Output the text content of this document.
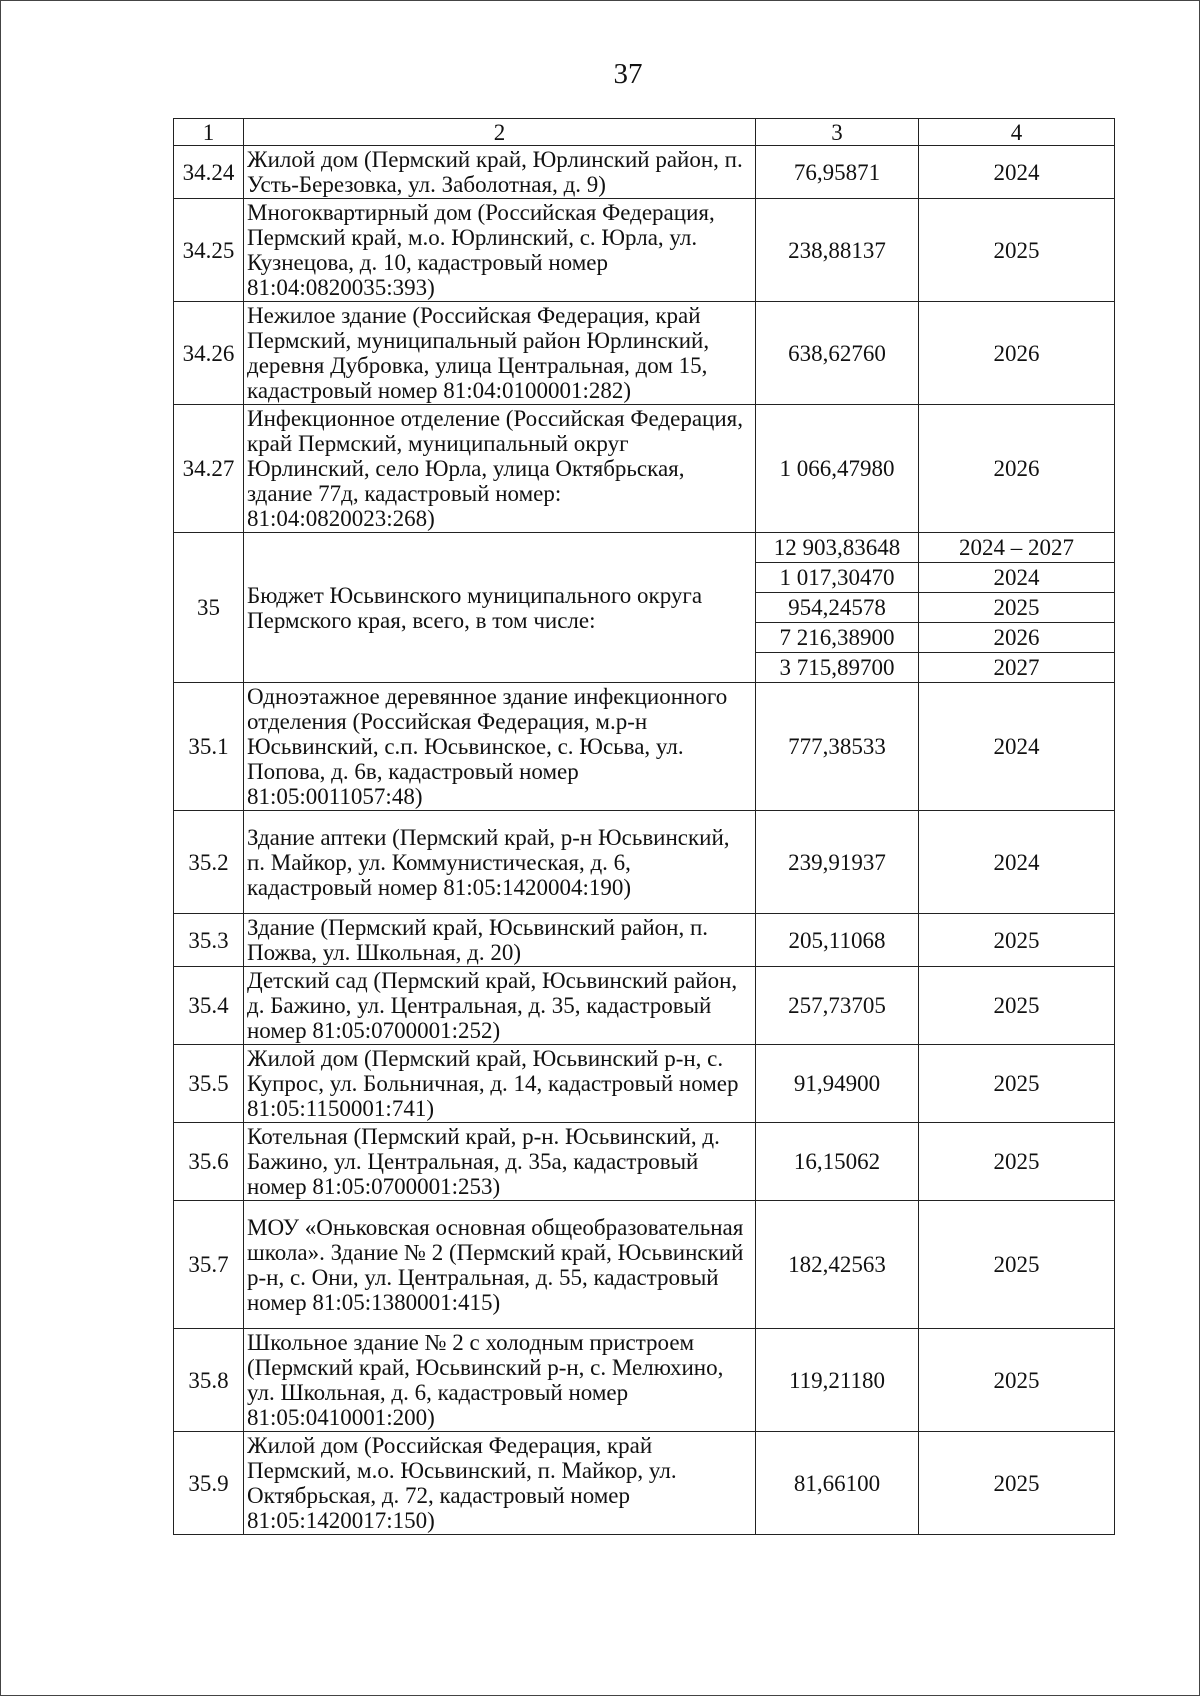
37
1	2	3	4
34.24	Жилой дом (Пермский край, Юрлинский район, п. Усть-Березовка, ул. Заболотная, д. 9)	76,95871	2024
34.25	Многоквартирный дом (Российская Федерация, Пермский край, м.о. Юрлинский, с. Юрла, ул. Кузнецова, д. 10, кадастровый номер 81:04:0820035:393)	238,88137	2025
34.26	Нежилое здание (Российская Федерация, край Пермский, муниципальный район Юрлинский, деревня Дубровка, улица Центральная, дом 15, кадастровый номер 81:04:0100001:282)	638,62760	2026
34.27	Инфекционное отделение (Российская Федерация, край Пермский, муниципальный округ Юрлинский, село Юрла, улица Октябрьская, здание 77д, кадастровый номер: 81:04:0820023:268)	1 066,47980	2026
35	Бюджет Юсьвинского муниципального округа Пермского края, всего, в том числе:	12 903,83648	2024 – 2027
		1 017,30470	2024
		954,24578	2025
		7 216,38900	2026
		3 715,89700	2027
35.1	Одноэтажное деревянное здание инфекционного отделения (Российская Федерация, м.р-н Юсьвинский, с.п. Юсьвинское, с. Юсьва, ул. Попова, д. 6в, кадастровый номер 81:05:0011057:48)	777,38533	2024
35.2	Здание аптеки (Пермский край, р-н Юсьвинский, п. Майкор, ул. Коммунистическая, д. 6, кадастровый номер 81:05:1420004:190)	239,91937	2024
35.3	Здание (Пермский край, Юсьвинский район, п. Пожва, ул. Школьная, д. 20)	205,11068	2025
35.4	Детский сад (Пермский край, Юсьвинский район, д. Бажино, ул. Центральная, д. 35, кадастровый номер 81:05:0700001:252)	257,73705	2025
35.5	Жилой дом (Пермский край, Юсьвинский р-н, с. Купрос, ул. Больничная, д. 14, кадастровый номер 81:05:1150001:741)	91,94900	2025
35.6	Котельная (Пермский край, р-н. Юсьвинский, д. Бажино, ул. Центральная, д. 35а, кадастровый номер 81:05:0700001:253)	16,15062	2025
35.7	МОУ «Оньковская основная общеобразовательная школа». Здание № 2 (Пермский край, Юсьвинский р-н, с. Они, ул. Центральная, д. 55, кадастровый номер 81:05:1380001:415)	182,42563	2025
35.8	Школьное здание № 2 с холодным пристроем (Пермский край, Юсьвинский р-н, с. Мелюхино, ул. Школьная, д. 6, кадастровый номер 81:05:0410001:200)	119,21180	2025
35.9	Жилой дом (Российская Федерация, край Пермский, м.о. Юсьвинский, п. Майкор, ул. Октябрьская, д. 72, кадастровый номер 81:05:1420017:150)	81,66100	2025
